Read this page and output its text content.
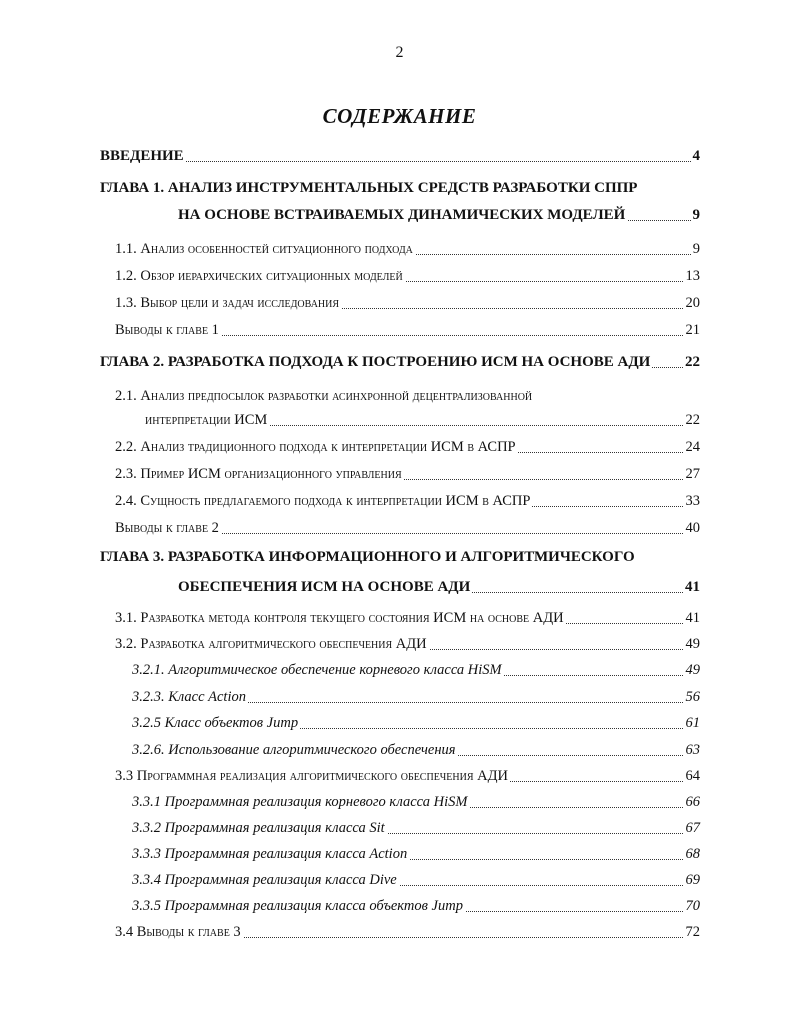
2
СОДЕРЖАНИЕ
ВВЕДЕНИЕ	4
ГЛАВА 1. АНАЛИЗ ИНСТРУМЕНТАЛЬНЫХ СРЕДСТВ РАЗРАБОТКИ СППР
НА ОСНОВЕ ВСТРАИВАЕМЫХ ДИНАМИЧЕСКИХ МОДЕЛЕЙ	9
1.1. Анализ особенностей ситуационного подхода	9
1.2. Обзор иерархических ситуационных моделей	13
1.3. Выбор цели и задач исследования	20
Выводы к главе 1	21
ГЛАВА 2. РАЗРАБОТКА ПОДХОДА К ПОСТРОЕНИЮ ИСМ НА ОСНОВЕ АДИ 22
2.1. Анализ предпосылок разработки асинхронной децентрализованной
интерпретации ИСМ	22
2.2. Анализ традиционного подхода к интерпретации ИСМ в АСПР	24
2.3. Пример ИСМ организационного управления	27
2.4. Сущность предлагаемого подхода к интерпретации ИСМ в АСПР	33
Выводы к главе 2	40
ГЛАВА 3. РАЗРАБОТКА ИНФОРМАЦИОННОГО И АЛГОРИТМИЧЕСКОГО
ОБЕСПЕЧЕНИЯ ИСМ НА ОСНОВЕ АДИ	41
3.1. Разработка метода контроля текущего состояния ИСМ на основе АДИ	41
3.2. Разработка алгоритмического обеспечения АДИ	49
3.2.1. Алгоритмическое обеспечение корневого класса HiSM	49
3.2.3. Класс Action	56
3.2.5 Класс объектов Jump	61
3.2.6. Использование алгоритмического обеспечения	63
3.3 Программная реализация алгоритмического обеспечения АДИ	64
3.3.1 Программная реализация корневого класса HiSM	66
3.3.2 Программная реализация класса Sit	67
3.3.3 Программная реализация класса Action	68
3.3.4 Программная реализация класса Dive	69
3.3.5 Программная реализация класса объектов Jump	70
3.4 Выводы к главе 3	72
